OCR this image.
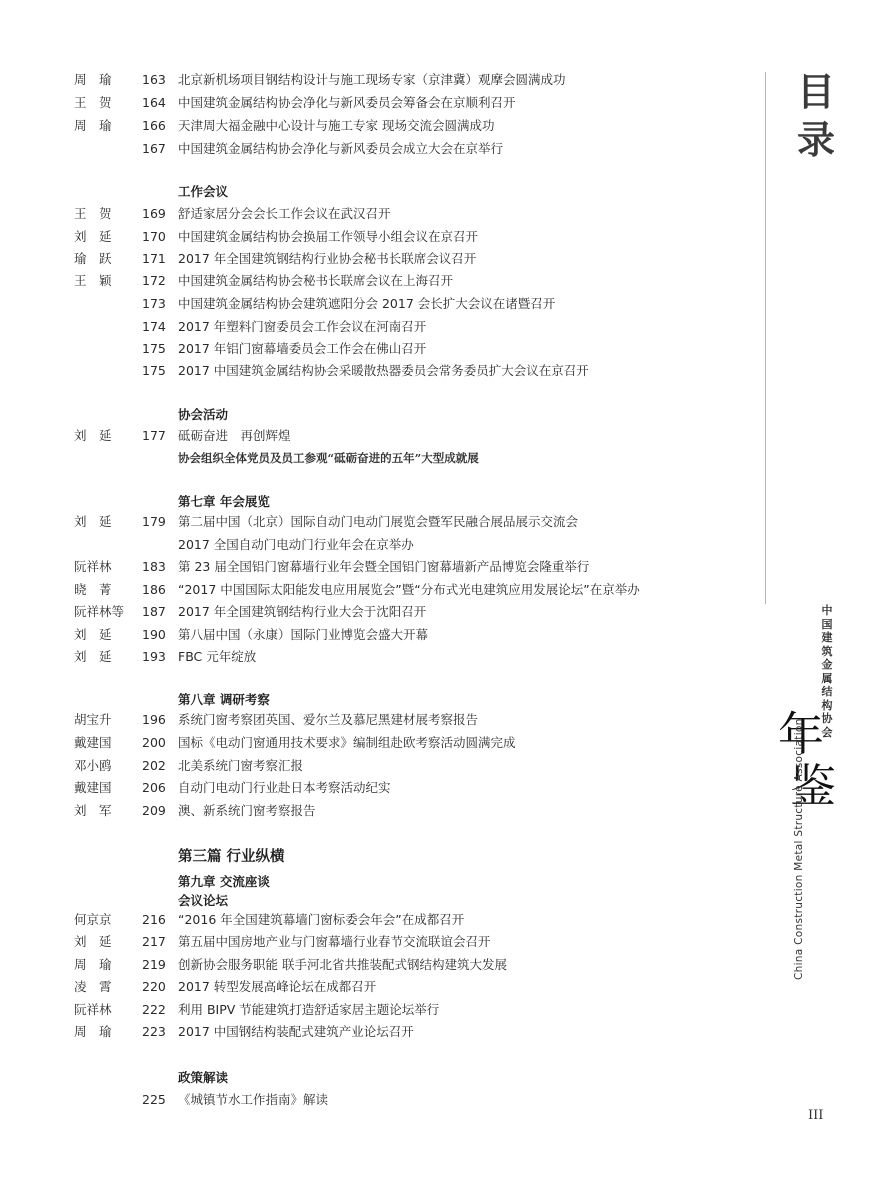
周　瑜	163 北京新机场项目钢结构设计与施工现场专家（京津冀）观摩会圆满成功
王　贺	164 中国建筑金属结构协会净化与新风委员会筹备会在京顺利召开
周　瑜	166 天津周大福金融中心设计与施工专家 现场交流会圆满成功
167 中国建筑金属结构协会净化与新风委员会成立大会在京举行
工作会议
王　贺	169 舒适家居分会会长工作会议在武汉召开
刘　延	170 中国建筑金属结构协会换届工作领导小组会议在京召开
瑜　跃	171 2017 年全国建筑钢结构行业协会秘书长联席会议召开
王　颖	172 中国建筑金属结构协会秘书长联席会议在上海召开
173 中国建筑金属结构协会建筑遮阳分会 2017 会长扩大会议在诸暨召开
174 2017 年塑料门窗委员会工作会议在河南召开
175 2017 年铝门窗幕墙委员会工作会在佛山召开
175 2017 中国建筑金属结构协会采暖散热器委员会常务委员扩大会议在京召开
协会活动
刘　延	177 砥砺奋进　再创辉煌
协会组织全体党员及员工参观“砥砺奋进的五年”大型成就展
第七章 年会展览
刘　延	179 第二届中国（北京）国际自动门电动门展览会暨军民融合展品展示交流会
2017 全国自动门电动门行业年会在京举办
阮祥林	183 第 23 届全国铝门窗幕墙行业年会暨全国铝门窗幕墙新产品博览会隆重举行
晓　菁	186 “2017 中国国际太阳能发电应用展览会”暨“分布式光电建筑应用发展论坛”在京举办
阮祥林等	187 2017 年全国建筑钢结构行业大会于沈阳召开
刘　延	190 第八届中国（永康）国际门业博览会盛大开幕
刘　延	193 FBC 元年绽放
第八章 调研考察
胡宝升	196 系统门窗考察团英国、爱尔兰及慕尼黑建材展考察报告
戴建国	200 国标《电动门窗通用技术要求》编制组赴欧考察活动圆满完成
邓小鸥	202 北美系统门窗考察汇报
戴建国	206 自动门电动门行业赴日本考察活动纪实
刘　军	209 澳、新系统门窗考察报告
第三篇 行业纵横
第九章 交流座谈
会议论坛
何京京	216 “2016 年全国建筑幕墙门窗标委会年会”在成都召开
刘　延	217 第五届中国房地产业与门窗幕墙行业春节交流联谊会召开
周　瑜	219 创新协会服务职能 联手河北省共推装配式钢结构建筑大发展
凌　霄	220 2017 转型发展高峰论坛在成都召开
阮祥林	222 利用 BIPV 节能建筑打造舒适家居主题论坛举行
周　瑜	223 2017 中国钢结构装配式建筑产业论坛召开
政策解读
225 《城镇节水工作指南》解读
目
录
中
国
建
筑
金
属
结
构
协
会
年
鉴
China Construction Metal Structure Association
III
